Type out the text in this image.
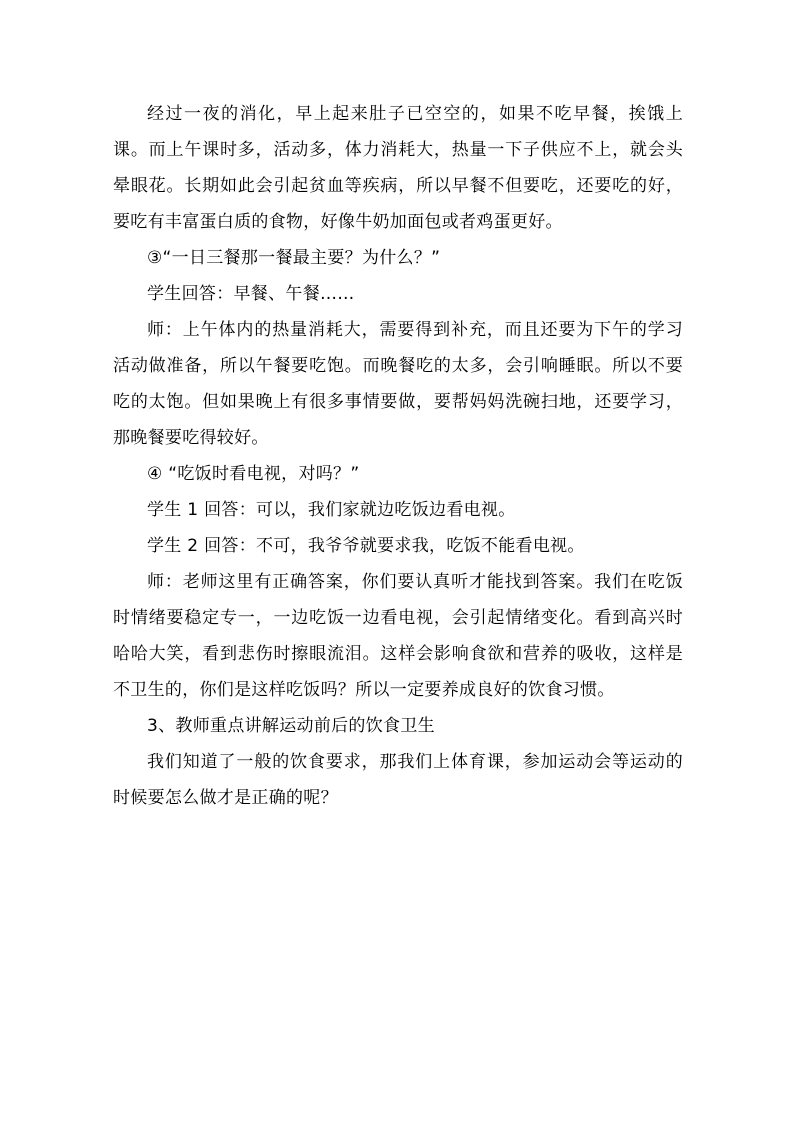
经过一夜的消化，早上起来肚子已空空的，如果不吃早餐，挨饿上课。而上午课时多，活动多，体力消耗大，热量一下子供应不上，就会头晕眼花。长期如此会引起贫血等疾病，所以早餐不但要吃，还要吃的好，要吃有丰富蛋白质的食物，好像牛奶加面包或者鸡蛋更好。

③“一日三餐那一餐最主要？为什么？”

学生回答：早餐、午餐……

师：上午体内的热量消耗大，需要得到补充，而且还要为下午的学习活动做准备，所以午餐要吃饱。而晚餐吃的太多，会引响睡眠。所以不要吃的太饱。但如果晚上有很多事情要做，要帮妈妈洗碗扫地，还要学习，那晚餐要吃得较好。

④ “吃饭时看电视，对吗？”

学生 1 回答：可以，我们家就边吃饭边看电视。

学生 2 回答：不可，我爷爷就要求我，吃饭不能看电视。

师：老师这里有正确答案，你们要认真听才能找到答案。我们在吃饭时情绪要稳定专一，一边吃饭一边看电视，会引起情绪变化。看到高兴时哈哈大笑，看到悲伤时擦眼流泪。这样会影响食欲和营养的吸收，这样是不卫生的，你们是这样吃饭吗？所以一定要养成良好的饮食习惯。

3、教师重点讲解运动前后的饮食卫生

我们知道了一般的饮食要求，那我们上体育课，参加运动会等运动的时候要怎么做才是正确的呢？
